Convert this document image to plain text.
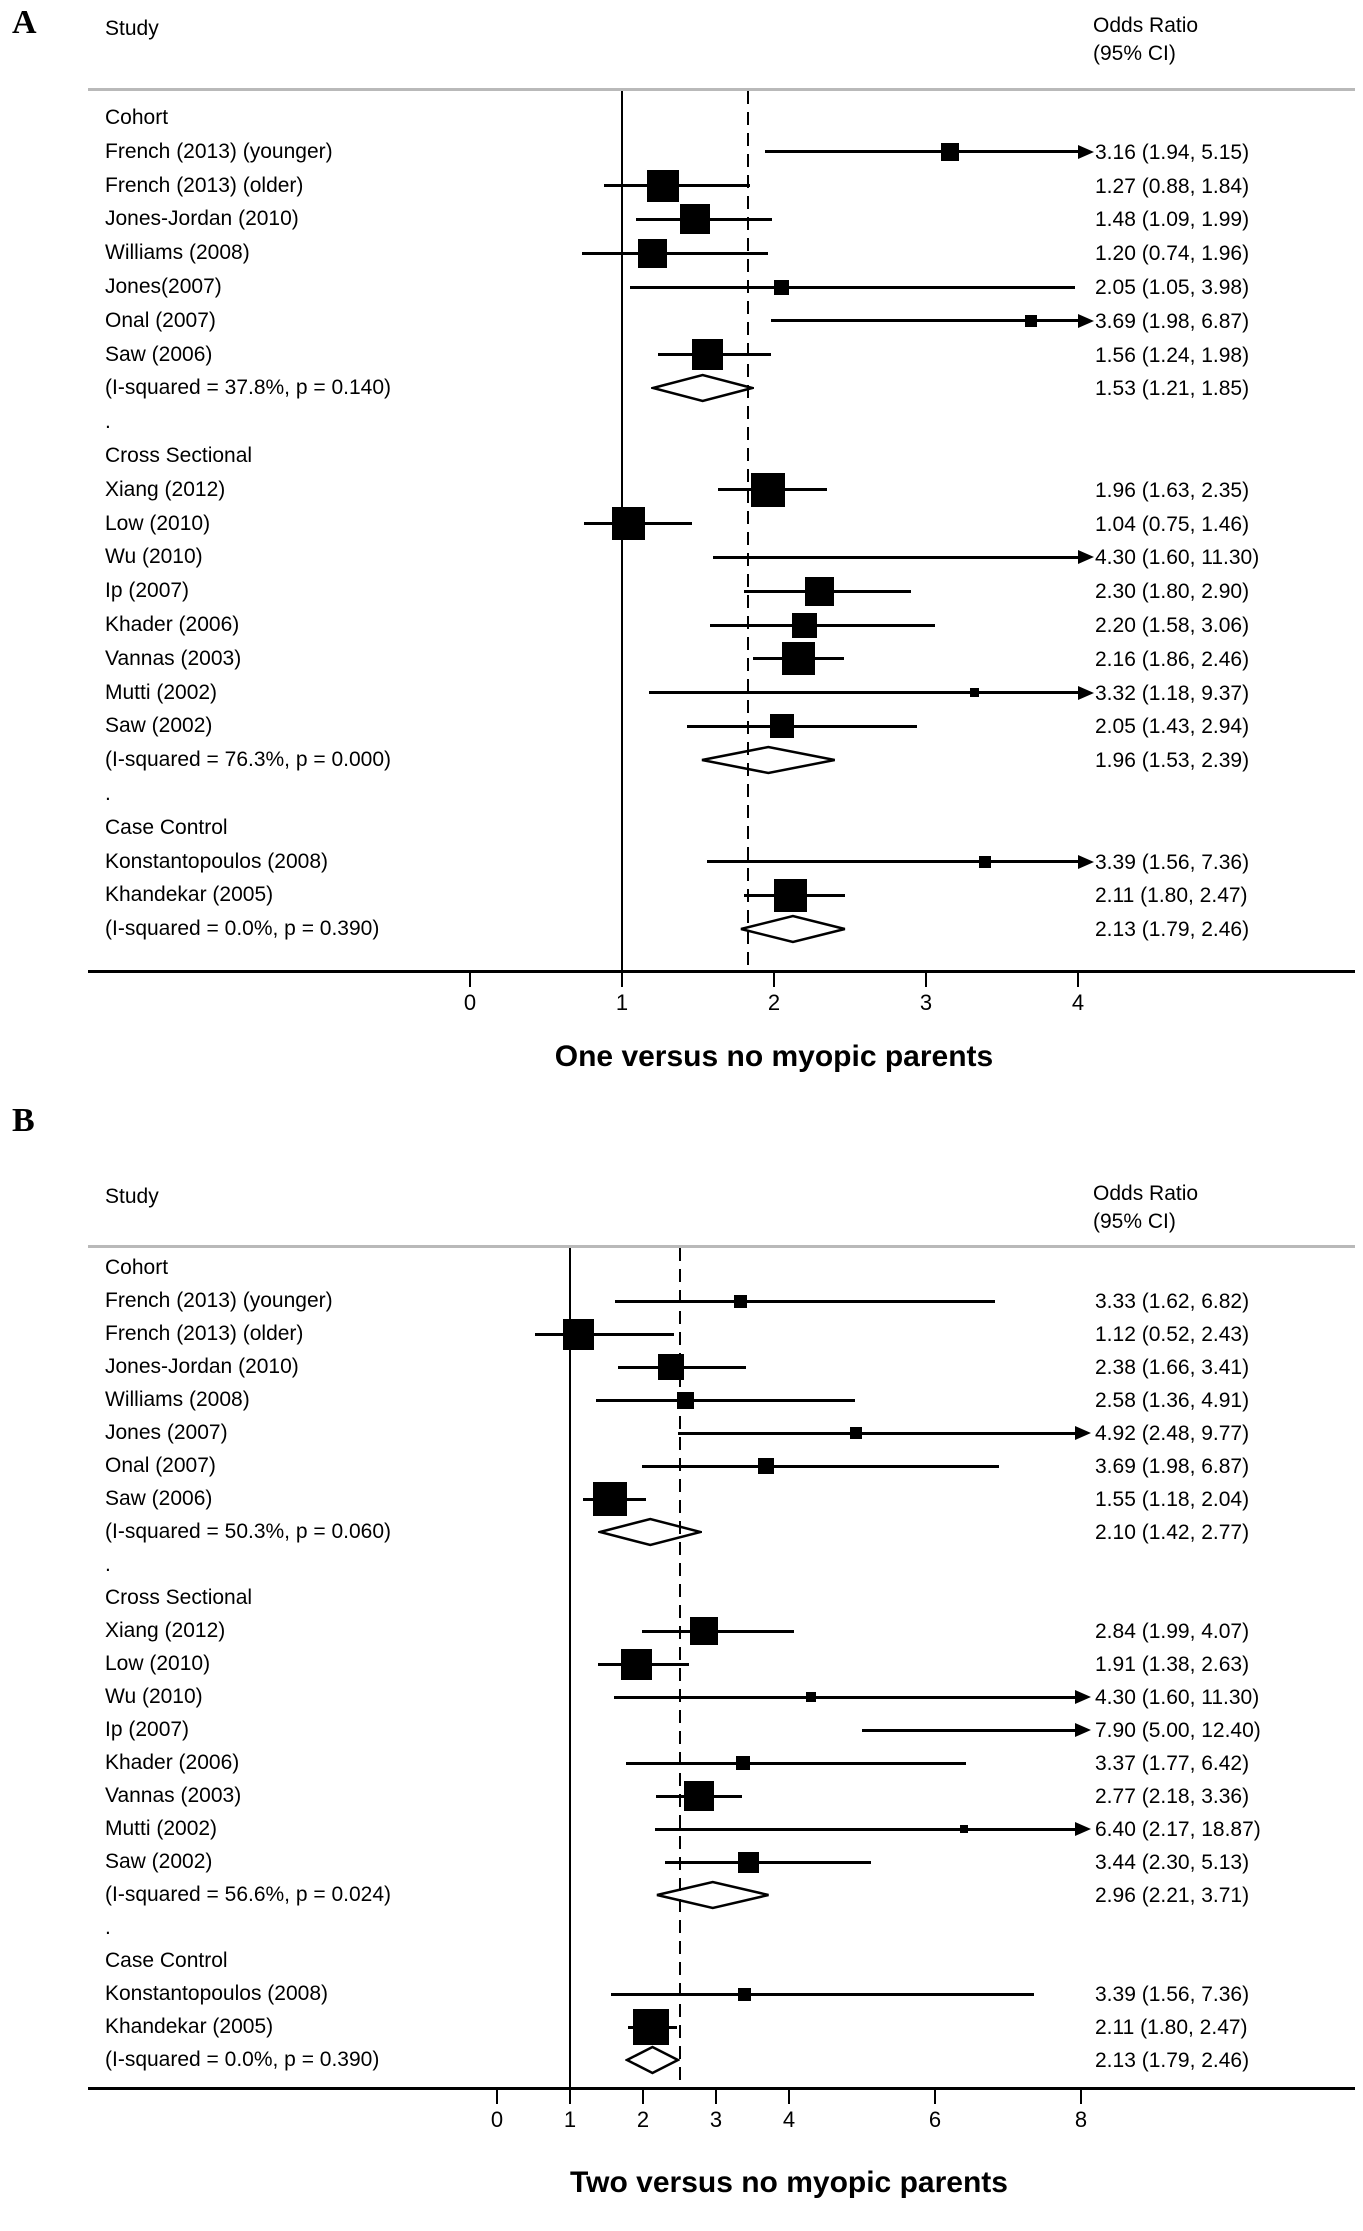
A	Study	Odds Ratio
(95% CI)
Cohort
French (2013) (younger)	3.16 (1.94, 5.15)
French (2013) (older)	1.27 (0.88, 1.84)
Jones-Jordan (2010)	1.48 (1.09, 1.99)
Williams (2008)	1.20 (0.74, 1.96)
Jones(2007)	2.05 (1.05, 3.98)
Onal (2007)	3.69 (1.98, 6.87)
Saw (2006)	1.56 (1.24, 1.98)
(I-squared = 37.8%, p = 0.140)	1.53 (1.21, 1.85)
.
Cross Sectional
Xiang (2012)	1.96 (1.63, 2.35)
Low (2010)	1.04 (0.75, 1.46)
Wu (2010)	4.30 (1.60, 11.30)
Ip (2007)	2.30 (1.80, 2.90)
Khader (2006)	2.20 (1.58, 3.06)
Vannas (2003)	2.16 (1.86, 2.46)
Mutti (2002)	3.32 (1.18, 9.37)
Saw (2002)	2.05 (1.43, 2.94)
(I-squared = 76.3%, p = 0.000)	1.96 (1.53, 2.39)
.
Case Control
Konstantopoulos (2008)	3.39 (1.56, 7.36)
Khandekar (2005)	2.11 (1.80, 2.47)
(I-squared = 0.0%, p = 0.390)	2.13 (1.79, 2.46)
0	1	2	3	4
One versus no myopic parents
B
Study	Odds Ratio
(95% CI)
Cohort
French (2013) (younger)	3.33 (1.62, 6.82)
French (2013) (older)	1.12 (0.52, 2.43)
Jones-Jordan (2010)	2.38 (1.66, 3.41)
Williams (2008)	2.58 (1.36, 4.91)
Jones (2007)	4.92 (2.48, 9.77)
Onal (2007)	3.69 (1.98, 6.87)
Saw (2006)	1.55 (1.18, 2.04)
(I-squared = 50.3%, p = 0.060)	2.10 (1.42, 2.77)
.
Cross Sectional
Xiang (2012)	2.84 (1.99, 4.07)
Low (2010)	1.91 (1.38, 2.63)
Wu (2010)	4.30 (1.60, 11.30)
Ip (2007)	7.90 (5.00, 12.40)
Khader (2006)	3.37 (1.77, 6.42)
Vannas (2003)	2.77 (2.18, 3.36)
Mutti (2002)	6.40 (2.17, 18.87)
Saw (2002)	3.44 (2.30, 5.13)
(I-squared = 56.6%, p = 0.024)	2.96 (2.21, 3.71)
.
Case Control
Konstantopoulos (2008)	3.39 (1.56, 7.36)
Khandekar (2005)	2.11 (1.80, 2.47)
(I-squared = 0.0%, p = 0.390)	2.13 (1.79, 2.46)
0	1	2	3	4	6	8
Two versus no myopic parents
